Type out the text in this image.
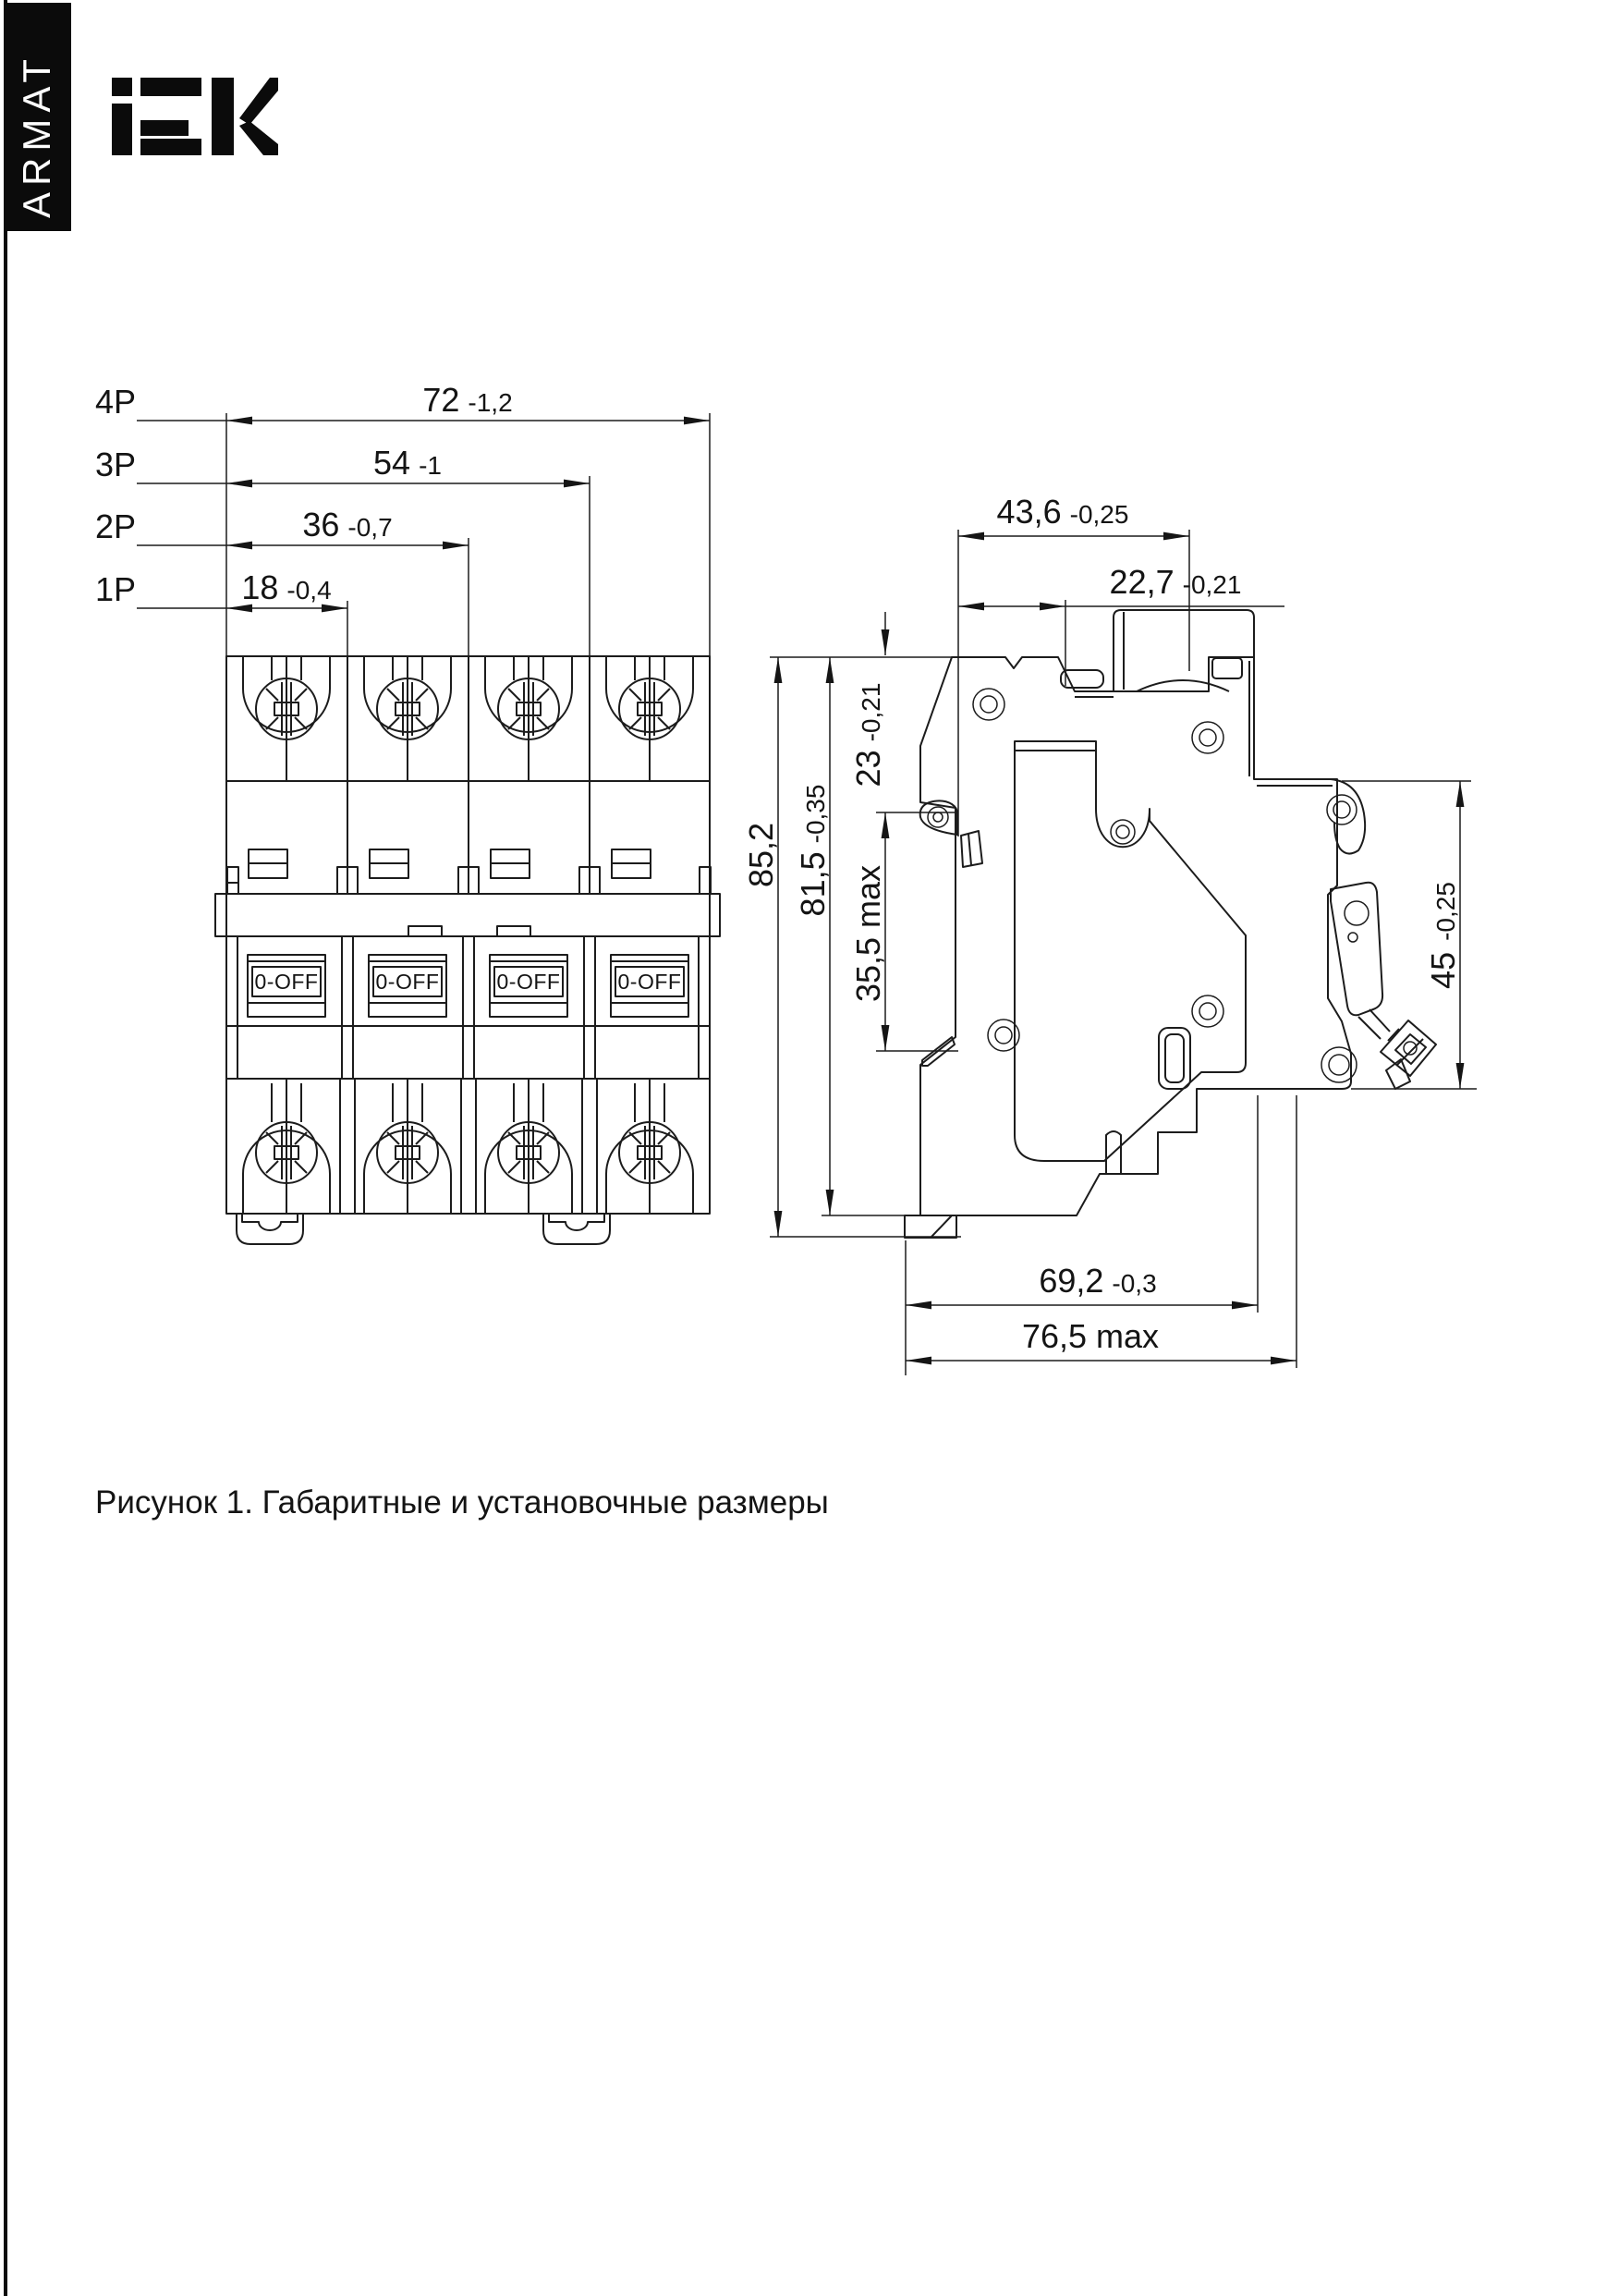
ARMAT
4P	72 -1,2
3P	54 -1
2P	36 -0,7
1P	18 -0,4
0-OFF	0-OFF	0-OFF	0-OFF
43,6 -0,25
22,7 -0,21
23-0,21
35,5max
85,2 81,5-0,35
45-0,25
69,2 -0,3
76,5 max
Рисунок 1. Габаритные и установочные размеры
